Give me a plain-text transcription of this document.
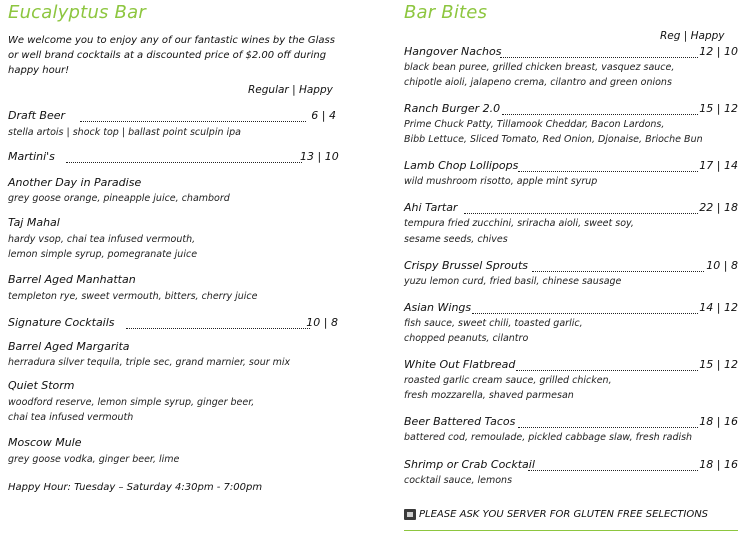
Eucalyptus Bar
We welcome you to enjoy any of our fantastic wines by the Glass or well brand cocktails at a discounted price of $2.00 off during happy hour!
Regular | Happy
Draft Beer	6 | 4
stella artois | shock top | ballast point sculpin ipa
Martini's	13 | 10
Another Day in Paradise
grey goose orange, pineapple juice, chambord
Taj Mahal
hardy vsop, chai tea infused vermouth,
lemon simple syrup, pomegranate juice
Barrel Aged Manhattan
templeton rye, sweet vermouth, bitters, cherry juice
Signature Cocktails	10 | 8
Barrel Aged Margarita
herradura silver tequila, triple sec, grand marnier, sour mix
Quiet Storm
woodford reserve, lemon simple syrup, ginger beer,
chai tea infused vermouth
Moscow Mule
grey goose vodka, ginger beer, lime
Happy Hour: Tuesday – Saturday 4:30pm - 7:00pm
Bar Bites
Reg | Happy
Hangover Nachos	12 | 10
black bean puree, grilled chicken breast, vasquez sauce,
chipotle aioli, jalapeno crema, cilantro and green onions
Ranch Burger 2.0	15 | 12
Prime Chuck Patty, Tillamook Cheddar, Bacon Lardons,
Bibb Lettuce, Sliced Tomato, Red Onion, Djonaise, Brioche Bun
Lamb Chop Lollipops	17 | 14
wild mushroom risotto, apple mint syrup
Ahi Tartar	22 | 18
tempura fried zucchini, sriracha aioli, sweet soy,
sesame seeds, chives
Crispy Brussel Sprouts	10 | 8
yuzu lemon curd, fried basil, chinese sausage
Asian Wings	14 | 12
fish sauce, sweet chili, toasted garlic,
chopped peanuts, cilantro
White Out Flatbread	15 | 12
roasted garlic cream sauce, grilled chicken,
fresh mozzarella, shaved parmesan
Beer Battered Tacos	18 | 16
battered cod, remoulade, pickled cabbage slaw, fresh radish
Shrimp or Crab Cocktail	18 | 16
cocktail sauce, lemons
PLEASE ASK YOU SERVER FOR GLUTEN FREE SELECTIONS
